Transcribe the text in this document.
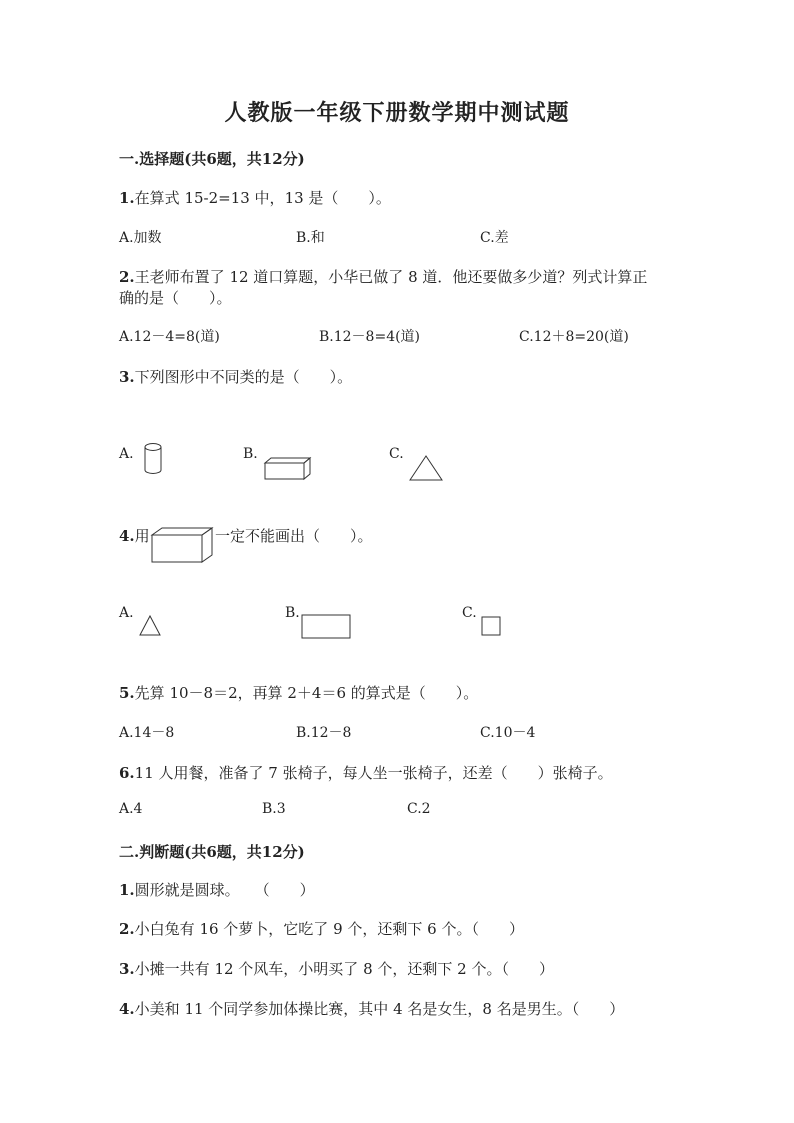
人教版一年级下册数学期中测试题
一.选择题(共6题，共12分)
1.在算式 15-2=13 中，13 是（　　）。
A.加数	B.和	C.差
2.王老师布置了 12 道口算题，小华已做了 8 道．他还要做多少道？列式计算正
确的是（　　）。
A.12－4=8(道)	B.12－8=4(道)	C.12＋8=20(道)
3.下列图形中不同类的是（　　）。
A.	B.	C.
4.用	一定不能画出（　　）。
A.	B.	C.
5.先算 10－8＝2，再算 2＋4＝6 的算式是（　　）。
A.14－8	B.12－8	C.10－4
6.11 人用餐，准备了 7 张椅子，每人坐一张椅子，还差（　　）张椅子。
A.4	B.3	C.2
二.判断题(共6题，共12分)
1.圆形就是圆球。　　（　　）
2.小白兔有 16 个萝卜，它吃了 9 个，还剩下 6 个。（　　）
3.小摊一共有 12 个风车，小明买了 8 个，还剩下 2 个。（　　）
4.小美和 11 个同学参加体操比赛，其中 4 名是女生，8 名是男生。（　　）
